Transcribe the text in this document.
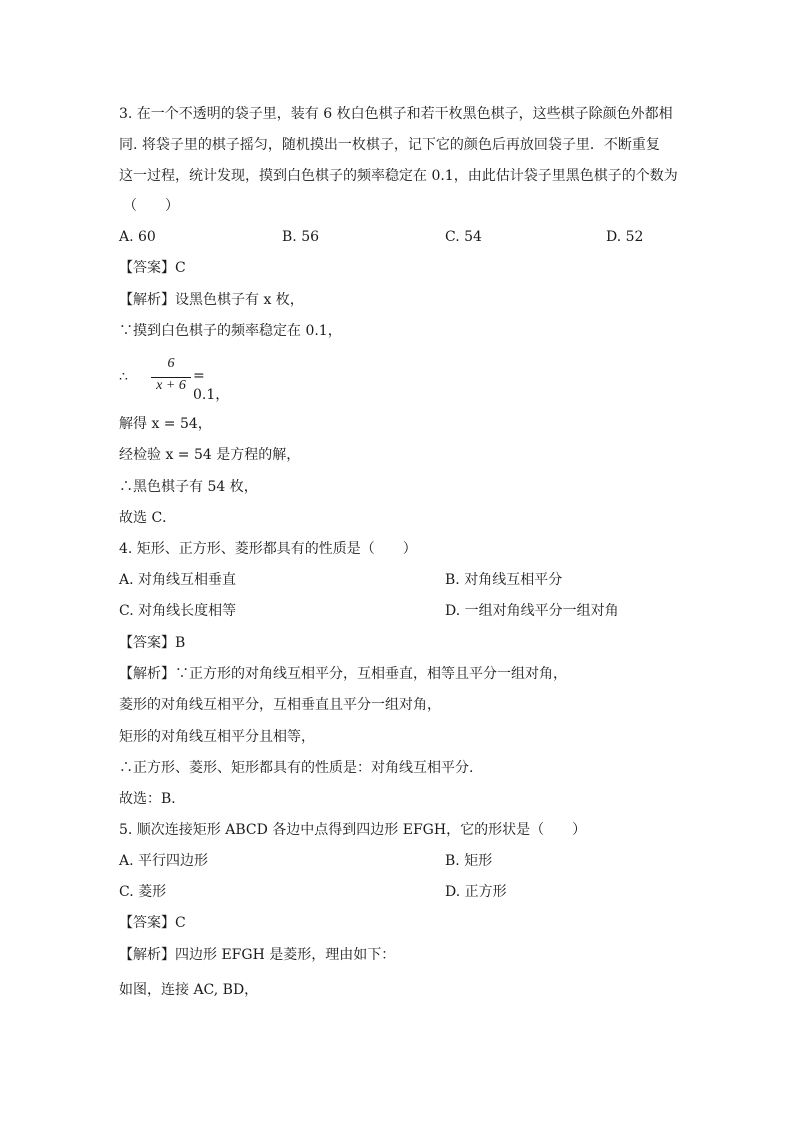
3. 在一个不透明的袋子里，装有 6 枚白色棋子和若干枚黑色棋子，这些棋子除颜色外都相
同. 将袋子里的棋子摇匀，随机摸出一枚棋子，记下它的颜色后再放回袋子里．不断重复
这一过程，统计发现，摸到白色棋子的频率稳定在 0.1，由此估计袋子里黑色棋子的个数为
（　　）
A. 60	B. 56	C. 54	D. 52
【答案】C
【解析】设黑色棋子有 x 枚，
∵摸到白色棋子的频率稳定在 0.1，
∴
6
x + 6
= 0.1，
解得 x = 54，
经检验 x = 54 是方程的解，
∴黑色棋子有 54 枚，
故选 C．
4. 矩形、正方形、菱形都具有的性质是（　　）
A. 对角线互相垂直	B. 对角线互相平分
C. 对角线长度相等	D. 一组对角线平分一组对角
【答案】B
【解析】∵正方形的对角线互相平分，互相垂直，相等且平分一组对角，
菱形的对角线互相平分，互相垂直且平分一组对角，
矩形的对角线互相平分且相等，
∴正方形、菱形、矩形都具有的性质是：对角线互相平分.
故选：B．
5. 顺次连接矩形 ABCD 各边中点得到四边形 EFGH，它的形状是（　　）
A. 平行四边形	B. 矩形
C. 菱形	D. 正方形
【答案】C
【解析】四边形 EFGH 是菱形，理由如下：
如图，连接 AC, BD，
